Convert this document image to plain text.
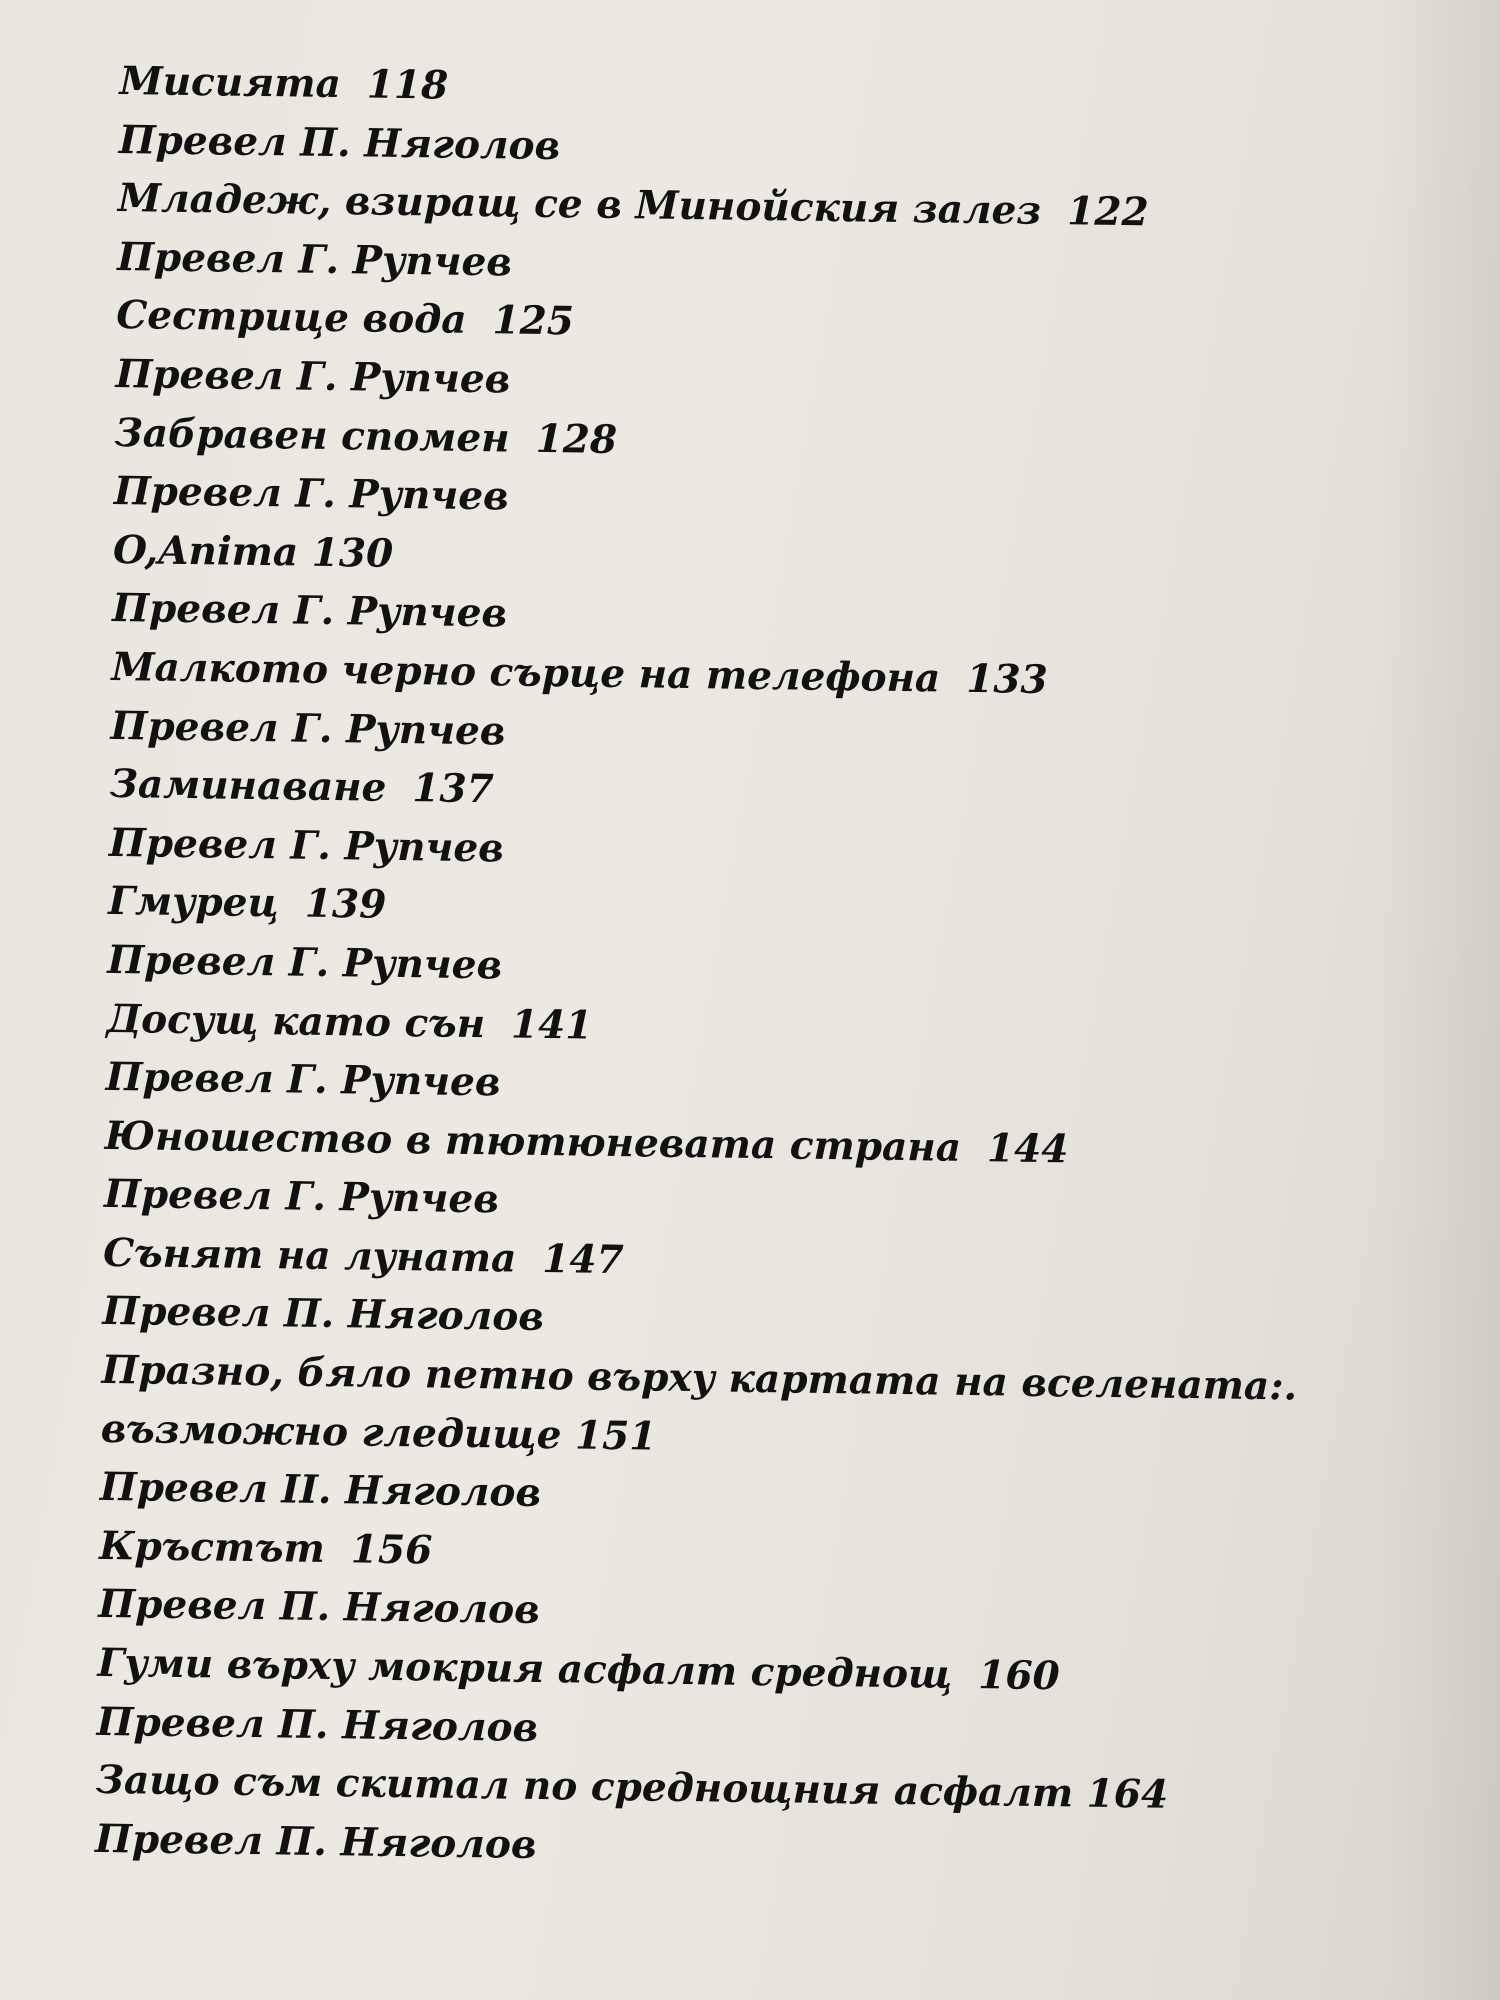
Мисията 118
Превел П. Няголов
Младеж, взиращ се в Минойския залез 122
Превел Г. Рупчев
Сестрице вода 125
Превел Г. Рупчев
Забравен спомен 128
Превел Г. Рупчев
O,Anima 130
Превел Г. Рупчев
Малкото черно сърце на телефона 133
Превел Г. Рупчев
Заминаване 137
Превел Г. Рупчев
Гмурец 139
Превел Г. Рупчев
Досущ като сън 141
Превел Г. Рупчев
Юношество в тютюневата страна 144
Превел Г. Рупчев
Сънят на луната 147
Превел П. Няголов
Празно, бяло петно върху картата на вселената:.
възможно гледище 151
Превел II. Няголов
Кръстът 156
Превел П. Няголов
Гуми върху мокрия асфалт среднощ 160
Превел П. Няголов
Защо съм скитал по среднощния асфалт 164
Превел П. Няголов
